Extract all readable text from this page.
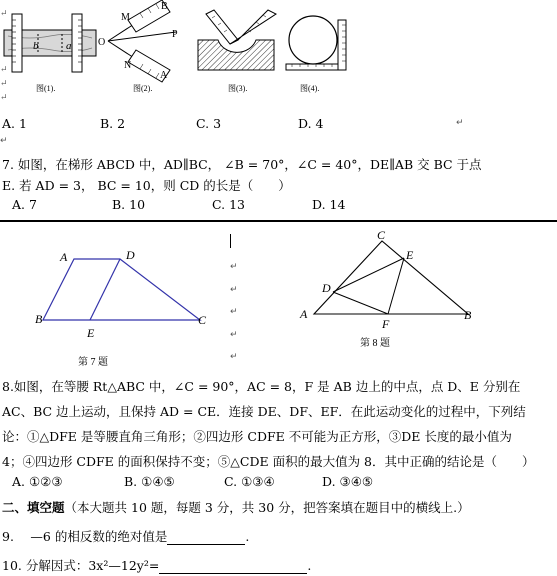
b	a
图(1).
B
M
O
P
N
A
图(2).	图(3).	图(4).
↵
↵
↵
↵
A. 1	B. 2	C. 3	D. 4	↵
↵
7. 如图，在梯形 ABCD 中，AD∥BC， ∠B = 70°，∠C = 40°，DE∥AB 交 BC 于点
E. 若 AD = 3， BC = 10，则 CD 的长是（　　）
A. 7	B. 10	C. 13	D. 14
A	D
B
E
C
第 7 题
↵
↵
↵
↵
↵
C
E
D
A
F
B
第 8 题
8.如图，在等腰 Rt△ABC 中，∠C = 90°，AC = 8，F 是 AB 边上的中点，点 D、E 分别在
AC、BC 边上运动，且保持 AD = CE．连接 DE、DF、EF．在此运动变化的过程中，下列结
论：①△DFE 是等腰直角三角形；②四边形 CDFE 不可能为正方形，③DE 长度的最小值为
4；④四边形 CDFE 的面积保持不变；⑤△CDE 面积的最大值为 8．其中正确的结论是（　　）
A. ①②③	B. ①④⑤	C. ①③④	D. ③④⑤
二、填空题（本大题共 10 题，每题 3 分，共 30 分，把答案填在题目中的横线上.）
9.　 —6 的相反数的绝对值是	.
10. 分解因式：3x²—12y²=	.
